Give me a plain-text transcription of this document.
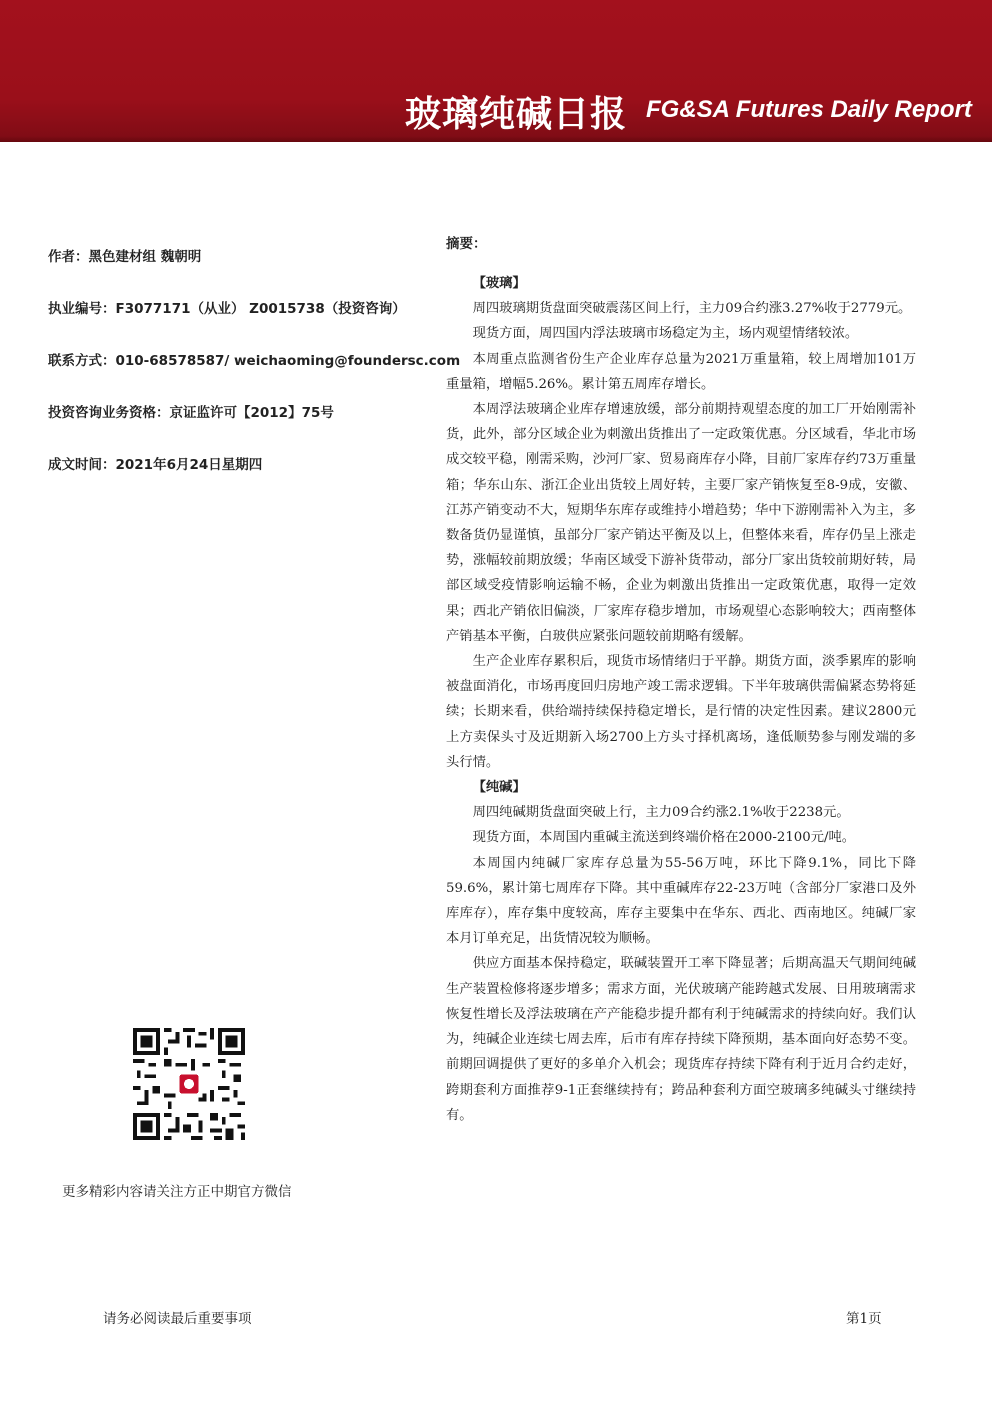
玻璃纯碱日报 FG&SA Futures Daily Report
作者：黑色建材组 魏朝明
执业编号：F3077171（从业） Z0015738（投资咨询）
联系方式：010-68578587/ weichaoming@foundersc.com
投资咨询业务资格：京证监许可【2012】75号
成文时间：2021年6月24日星期四
更多精彩内容请关注方正中期官方微信
摘要：
【玻璃】

周四玻璃期货盘面突破震荡区间上行，主力09合约涨3.27%收于2779元。

现货方面，周四国内浮法玻璃市场稳定为主，场内观望情绪较浓。

本周重点监测省份生产企业库存总量为2021万重量箱，较上周增加101万重量箱，增幅5.26%。累计第五周库存增长。

本周浮法玻璃企业库存增速放缓，部分前期持观望态度的加工厂开始刚需补货，此外，部分区域企业为刺激出货推出了一定政策优惠。分区域看，华北市场成交较平稳，刚需采购，沙河厂家、贸易商库存小降，目前厂家库存约73万重量箱；华东山东、浙江企业出货较上周好转，主要厂家产销恢复至8-9成，安徽、江苏产销变动不大，短期华东库存或维持小增趋势；华中下游刚需补入为主，多数备货仍显谨慎，虽部分厂家产销达平衡及以上，但整体来看，库存仍呈上涨走势，涨幅较前期放缓；华南区域受下游补货带动，部分厂家出货较前期好转，局部区域受疫情影响运输不畅，企业为刺激出货推出一定政策优惠，取得一定效果；西北产销依旧偏淡，厂家库存稳步增加，市场观望心态影响较大；西南整体产销基本平衡，白玻供应紧张问题较前期略有缓解。

生产企业库存累积后，现货市场情绪归于平静。期货方面，淡季累库的影响被盘面消化，市场再度回归房地产竣工需求逻辑。下半年玻璃供需偏紧态势将延续；长期来看，供给端持续保持稳定增长，是行情的决定性因素。建议2800元上方卖保头寸及近期新入场2700上方头寸择机离场，逢低顺势参与刚发端的多头行情。

【纯碱】

周四纯碱期货盘面突破上行，主力09合约涨2.1%收于2238元。

现货方面，本周国内重碱主流送到终端价格在2000-2100元/吨。

本周国内纯碱厂家库存总量为55-56万吨，环比下降9.1%，同比下降59.6%，累计第七周库存下降。其中重碱库存22-23万吨（含部分厂家港口及外库库存），库存集中度较高，库存主要集中在华东、西北、西南地区。纯碱厂家本月订单充足，出货情况较为顺畅。

供应方面基本保持稳定，联碱装置开工率下降显著；后期高温天气期间纯碱生产装置检修将逐步增多；需求方面，光伏玻璃产能跨越式发展、日用玻璃需求恢复性增长及浮法玻璃在产产能稳步提升都有利于纯碱需求的持续向好。我们认为，纯碱企业连续七周去库，后市有库存持续下降预期，基本面向好态势不变。前期回调提供了更好的多单介入机会；现货库存持续下降有利于近月合约走好，跨期套利方面推荐9-1正套继续持有；跨品种套利方面空玻璃多纯碱头寸继续持有。

请务必阅读最后重要事项	第1页
